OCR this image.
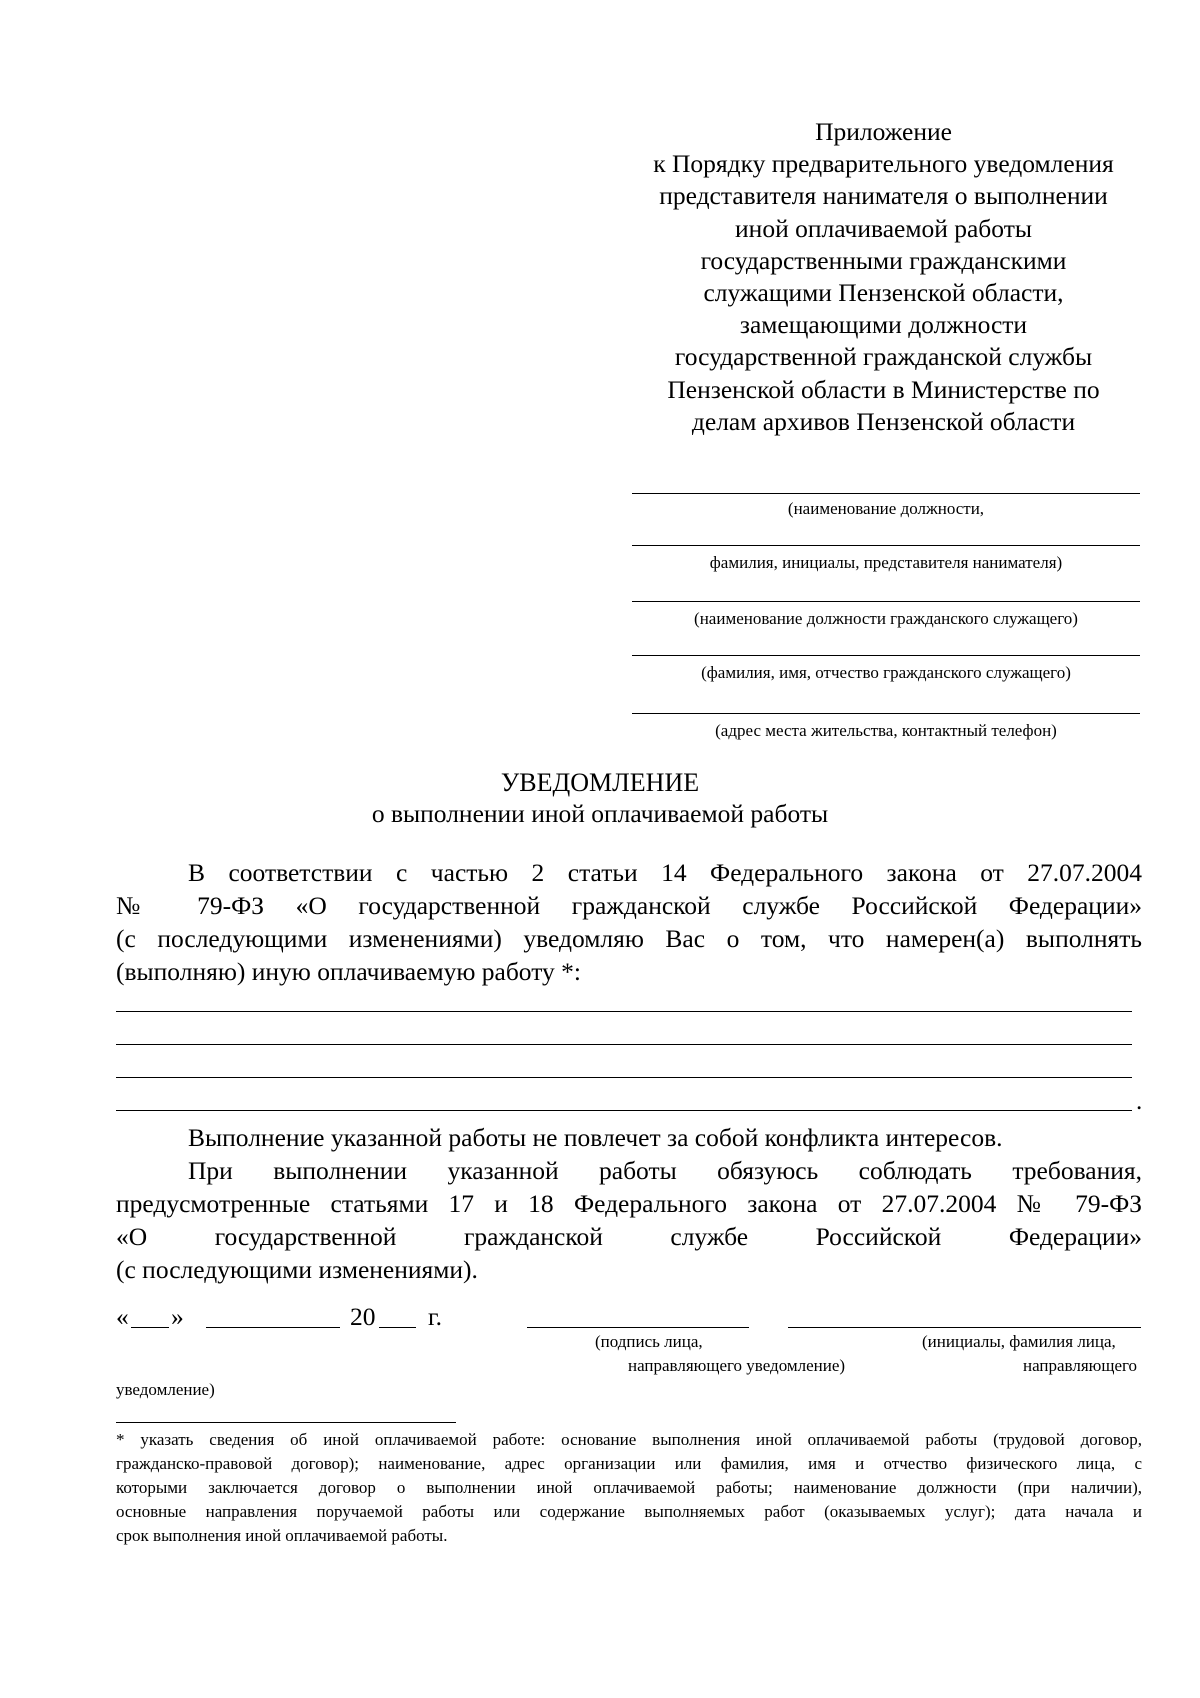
Приложение
к Порядку предварительного уведомления
представителя нанимателя о выполнении
иной оплачиваемой работы
государственными гражданскими
служащими Пензенской области,
замещающими должности
государственной гражданской службы
Пензенской области в Министерстве по
делам архивов Пензенской области
(наименование должности,
фамилия, инициалы, представителя нанимателя)
(наименование должности гражданского служащего)
(фамилия, имя, отчество гражданского служащего)
(адрес места жительства, контактный телефон)
УВЕДОМЛЕНИЕ
о выполнении иной оплачиваемой работы
В соответствии с частью 2 статьи 14 Федерального закона от 27.07.2004
№ 79-ФЗ «О государственной гражданской службе Российской Федерации»
(с последующими изменениями) уведомляю Вас о том, что намерен(а) выполнять
(выполняю) иную оплачиваемую работу *:
.
Выполнение указанной работы не повлечет за собой конфликта интересов.
При выполнении указанной работы обязуюсь соблюдать требования,
предусмотренные статьями 17 и 18 Федерального закона от 27.07.2004 № 79-ФЗ
«О государственной гражданской службе Российской Федерации»
(с последующими изменениями).
« »	20 г.
(подпись лица,
направляющего уведомление)
(инициалы, фамилия лица,
направляющего
уведомление)
* указать сведения об иной оплачиваемой работе: основание выполнения иной оплачиваемой работы (трудовой договор,
гражданско-правовой договор); наименование, адрес организации или фамилия, имя и отчество физического лица, с
которыми заключается договор о выполнении иной оплачиваемой работы; наименование должности (при наличии),
основные направления поручаемой работы или содержание выполняемых работ (оказываемых услуг); дата начала и
срок выполнения иной оплачиваемой работы.
